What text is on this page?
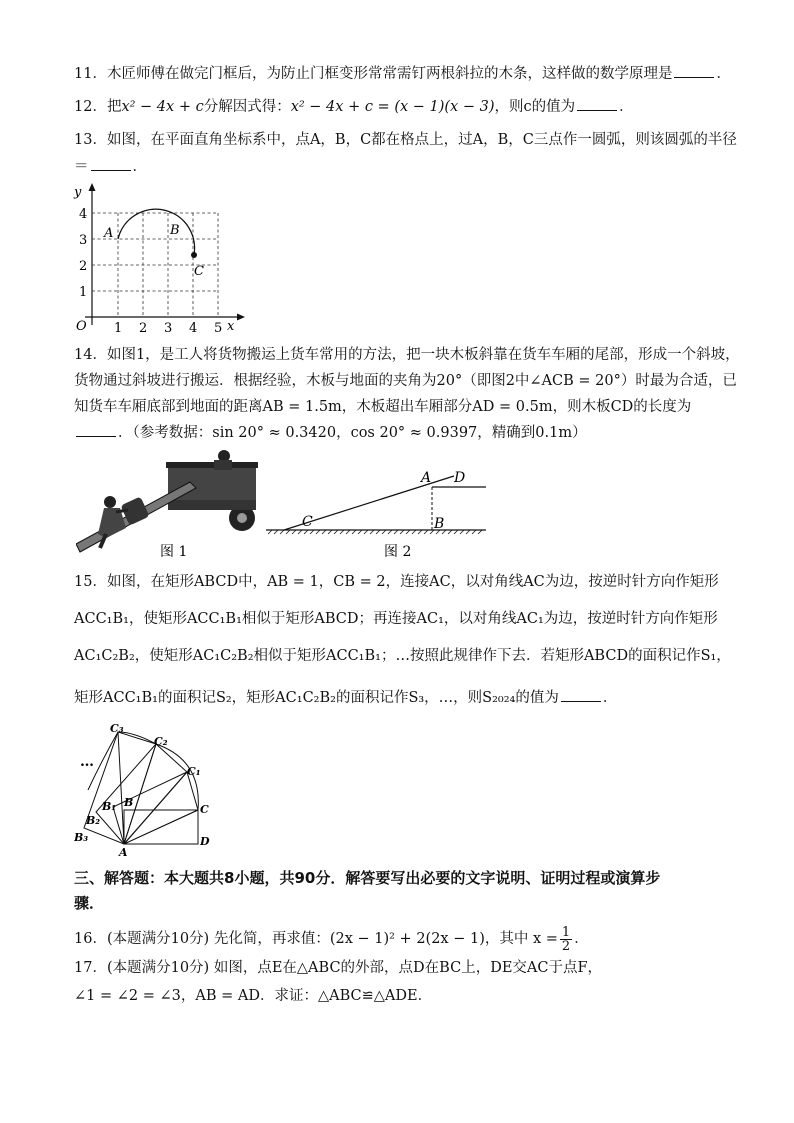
11．木匠师傅在做完门框后，为防止门框变形常常需钉两根斜拉的木条，这样做的数学原理是	．
12．把x² − 4x + c分解因式得：x² − 4x + c = (x − 1)(x − 3)，则c的值为	．
13．如图，在平面直角坐标系中，点A，B，C都在格点上，过A，B，C三点作一圆弧，则该圆弧的半径
＝	．
y
x
O 1 2 3 4 5
1
2
3
4
A	B
C
14．如图1，是工人将货物搬运上货车常用的方法，把一块木板斜靠在货车车厢的尾部，形成一个斜坡，
货物通过斜坡进行搬运．根据经验，木板与地面的夹角为20°（即图2中∠ACB = 20°）时最为合适，已
知货车车厢底部到地面的距离AB = 1.5m，木板超出车厢部分AD = 0.5m，则木板CD的长度为
．（参考数据：sin 20° ≈ 0.3420，cos 20° ≈ 0.9397，精确到0.1m）
图 1
A D
B
C
图 2
15．如图，在矩形ABCD中，AB = 1，CB = 2，连接AC，以对角线AC为边，按逆时针方向作矩形
ACC₁B₁，使矩形ACC₁B₁相似于矩形ABCD；再连接AC₁，以对角线AC₁为边，按逆时针方向作矩形
AC₁C₂B₂，使矩形AC₁C₂B₂相似于矩形ACC₁B₁；…按照此规律作下去．若矩形ABCD的面积记作S₁，
矩形ACC₁B₁的面积记S₂，矩形AC₁C₂B₂的面积记作S₃，…，则S₂₀₂₄的值为	．
A
D
C
B
B₁
B₂
B₃
C₁
C₂
C₃
…
三、解答题：本大题共8小题，共90分．解答要写出必要的文字说明、证明过程或演算步
骤．
16．(本题满分10分) 先化简，再求值：(2x − 1)² + 2(2x − 1)，其中 $x = \frac{1}{2}$ ．
17．(本题满分10分) 如图，点E在△ABC的外部，点D在BC上，DE交AC于点F，
∠1 = ∠2 = ∠3，AB = AD．求证：△ABC≌△ADE．
